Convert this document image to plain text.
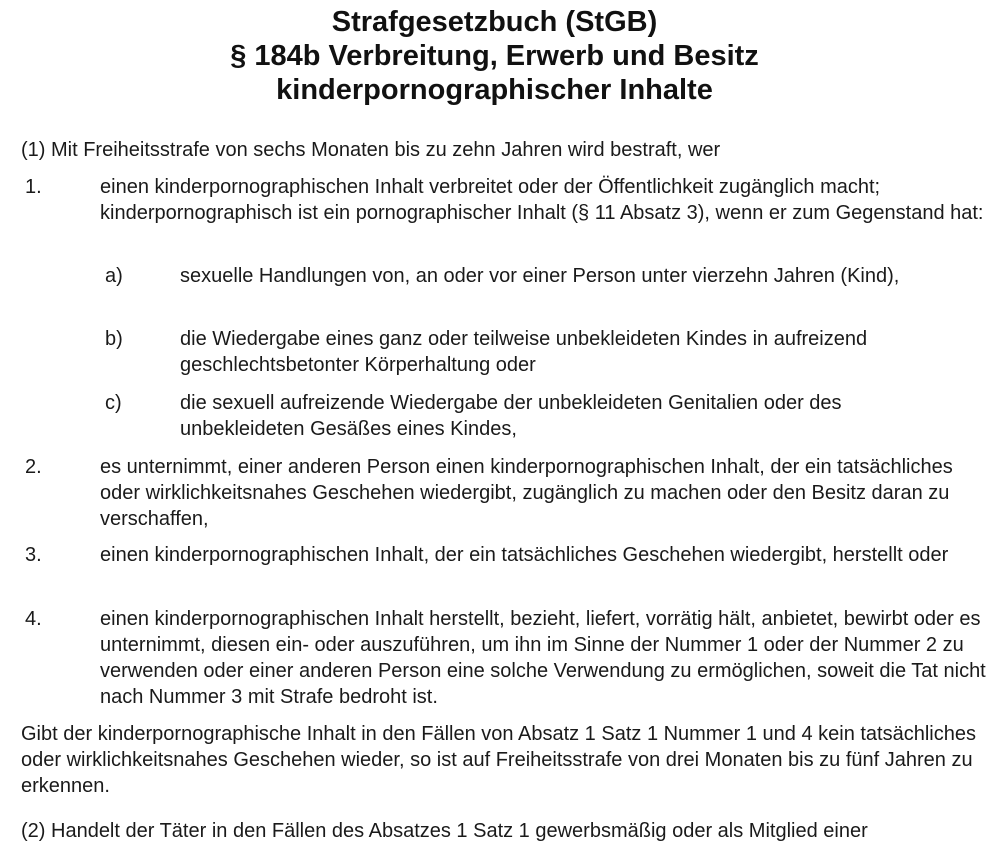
Strafgesetzbuch (StGB)
§ 184b Verbreitung, Erwerb und Besitz
kinderpornographischer Inhalte
(1) Mit Freiheitsstrafe von sechs Monaten bis zu zehn Jahren wird bestraft, wer
1.	einen kinderpornographischen Inhalt verbreitet oder der Öffentlichkeit zugänglich macht; kinderpornographisch ist ein pornographischer Inhalt (§ 11 Absatz 3), wenn er zum Gegenstand hat:
a)	sexuelle Handlungen von, an oder vor einer Person unter vierzehn Jahren (Kind),
b)	die Wiedergabe eines ganz oder teilweise unbekleideten Kindes in aufreizend geschlechtsbetonter Körperhaltung oder
c)	die sexuell aufreizende Wiedergabe der unbekleideten Genitalien oder des unbekleideten Gesäßes eines Kindes,
2.	es unternimmt, einer anderen Person einen kinderpornographischen Inhalt, der ein tatsächliches oder wirklichkeitsnahes Geschehen wiedergibt, zugänglich zu machen oder den Besitz daran zu verschaffen,
3.	einen kinderpornographischen Inhalt, der ein tatsächliches Geschehen wiedergibt, herstellt oder
4.	einen kinderpornographischen Inhalt herstellt, bezieht, liefert, vorrätig hält, anbietet, bewirbt oder es unternimmt, diesen ein- oder auszuführen, um ihn im Sinne der Nummer 1 oder der Nummer 2 zu verwenden oder einer anderen Person eine solche Verwendung zu ermöglichen, soweit die Tat nicht nach Nummer 3 mit Strafe bedroht ist.
Gibt der kinderpornographische Inhalt in den Fällen von Absatz 1 Satz 1 Nummer 1 und 4 kein tatsächliches oder wirklichkeitsnahes Geschehen wieder, so ist auf Freiheitsstrafe von drei Monaten bis zu fünf Jahren zu erkennen.
(2) Handelt der Täter in den Fällen des Absatzes 1 Satz 1 gewerbsmäßig oder als Mitglied einer
